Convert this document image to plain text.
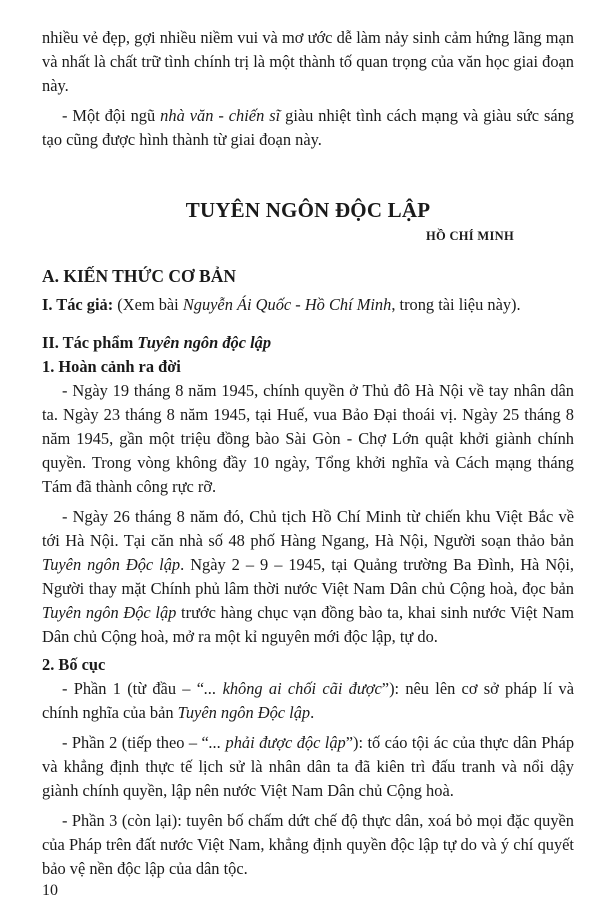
nhiều vẻ đẹp, gợi nhiều niềm vui và mơ ước dễ làm nảy sinh cảm hứng lãng mạn và nhất là chất trữ tình chính trị là một thành tố quan trọng của văn học giai đoạn này.

- Một đội ngũ nhà văn - chiến sĩ giàu nhiệt tình cách mạng và giàu sức sáng tạo cũng được hình thành từ giai đoạn này.

TUYÊN NGÔN ĐỘC LẬP
HỒ CHÍ MINH
A. KIẾN THỨC CƠ BẢN

I. Tác giả: (Xem bài Nguyễn Ái Quốc - Hồ Chí Minh, trong tài liệu này).

II. Tác phẩm Tuyên ngôn độc lập

1. Hoàn cảnh ra đời

- Ngày 19 tháng 8 năm 1945, chính quyền ở Thủ đô Hà Nội về tay nhân dân ta. Ngày 23 tháng 8 năm 1945, tại Huế, vua Bảo Đại thoái vị. Ngày 25 tháng 8 năm 1945, gần một triệu đồng bào Sài Gòn - Chợ Lớn quật khởi giành chính quyền. Trong vòng không đầy 10 ngày, Tổng khởi nghĩa và Cách mạng tháng Tám đã thành công rực rỡ.

- Ngày 26 tháng 8 năm đó, Chủ tịch Hồ Chí Minh từ chiến khu Việt Bắc về tới Hà Nội. Tại căn nhà số 48 phố Hàng Ngang, Hà Nội, Người soạn thảo bản Tuyên ngôn Độc lập. Ngày 2 – 9 – 1945, tại Quảng trường Ba Đình, Hà Nội, Người thay mặt Chính phủ lâm thời nước Việt Nam Dân chủ Cộng hoà, đọc bản Tuyên ngôn Độc lập trước hàng chục vạn đồng bào ta, khai sinh nước Việt Nam Dân chủ Cộng hoà, mở ra một kỉ nguyên mới độc lập, tự do.

2. Bố cục

- Phần 1 (từ đầu – “... không ai chối cãi được”): nêu lên cơ sở pháp lí và chính nghĩa của bản Tuyên ngôn Độc lập.

- Phần 2 (tiếp theo – “... phải được độc lập”): tố cáo tội ác của thực dân Pháp và khẳng định thực tế lịch sử là nhân dân ta đã kiên trì đấu tranh và nổi dậy giành chính quyền, lập nên nước Việt Nam Dân chủ Cộng hoà.

- Phần 3 (còn lại): tuyên bố chấm dứt chế độ thực dân, xoá bỏ mọi đặc quyền của Pháp trên đất nước Việt Nam, khẳng định quyền độc lập tự do và ý chí quyết bảo vệ nền độc lập của dân tộc.

10
